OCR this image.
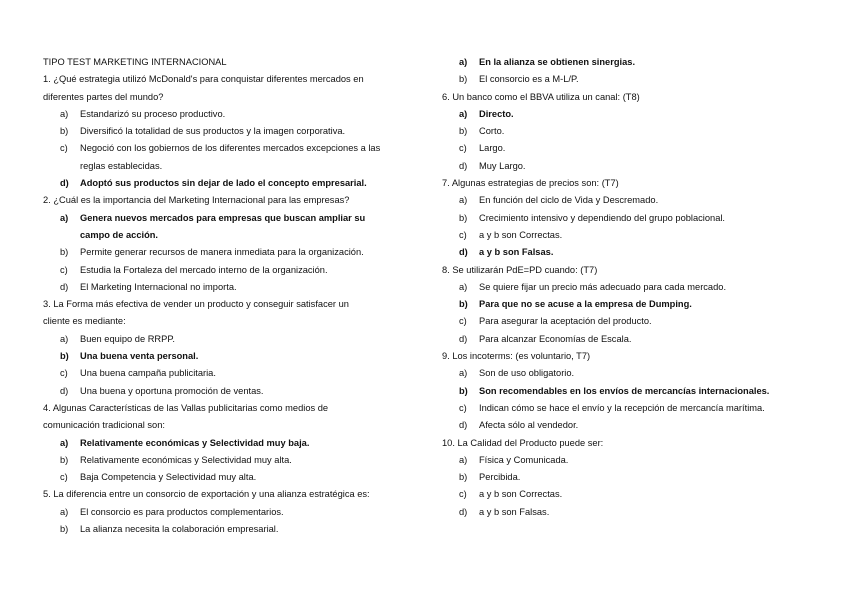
TIPO TEST MARKETING INTERNACIONAL
1. ¿Qué estrategia utilizó McDonald's para conquistar diferentes mercados en
diferentes partes del mundo?
a)	Estandarizó su proceso productivo.
b)	Diversificó la totalidad de sus productos y la imagen corporativa.
c)	Negoció con los gobiernos de los diferentes mercados excepciones a las
reglas establecidas.
d)	Adoptó sus productos sin dejar de lado el concepto empresarial.
2. ¿Cuál es la importancia del Marketing Internacional para las empresas?
a)	Genera nuevos mercados para empresas que buscan ampliar su
campo de acción.
b)	Permite generar recursos de manera inmediata para la organización.
c)	Estudia la Fortaleza del mercado interno de la organización.
d)	El Marketing Internacional no importa.
3. La Forma más efectiva de vender un producto y conseguir satisfacer un
cliente es mediante:
a)	Buen equipo de RRPP.
b)	Una buena venta personal.
c)	Una buena campaña publicitaria.
d)	Una buena y oportuna promoción de ventas.
4. Algunas Características de las Vallas publicitarias como medios de
comunicación tradicional son:
a)	Relativamente económicas y Selectividad muy baja.
b)	Relativamente económicas y Selectividad muy alta.
c)	Baja Competencia y Selectividad muy alta.
5. La diferencia entre un consorcio de exportación y una alianza estratégica es:
a)	El consorcio es para productos complementarios.
b)	La alianza necesita la colaboración empresarial.
a)	En la alianza se obtienen sinergias.
b)	El consorcio es a M-L/P.
6. Un banco como el BBVA utiliza un canal: (T8)
a)	Directo.
b)	Corto.
c)	Largo.
d)	Muy Largo.
7. Algunas estrategias de precios son: (T7)
a)	En función del ciclo de Vida y Descremado.
b)	Crecimiento intensivo y dependiendo del grupo poblacional.
c)	a y b son Correctas.
d)	a y b son Falsas.
8. Se utilizarán PdE=PD cuando: (T7)
a)	Se quiere fijar un precio más adecuado para cada mercado.
b)	Para que no se acuse a la empresa de Dumping.
c)	Para asegurar la aceptación del producto.
d)	Para alcanzar Economías de Escala.
9. Los incoterms: (es voluntario, T7)
a)	Son de uso obligatorio.
b)	Son recomendables en los envíos de mercancías internacionales.
c)	Indican cómo se hace el envío y la recepción de mercancía marítima.
d)	Afecta sólo al vendedor.
10. La Calidad del Producto puede ser:
a)	Física y Comunicada.
b)	Percibida.
c)	a y b son Correctas.
d)	a y b son Falsas.
